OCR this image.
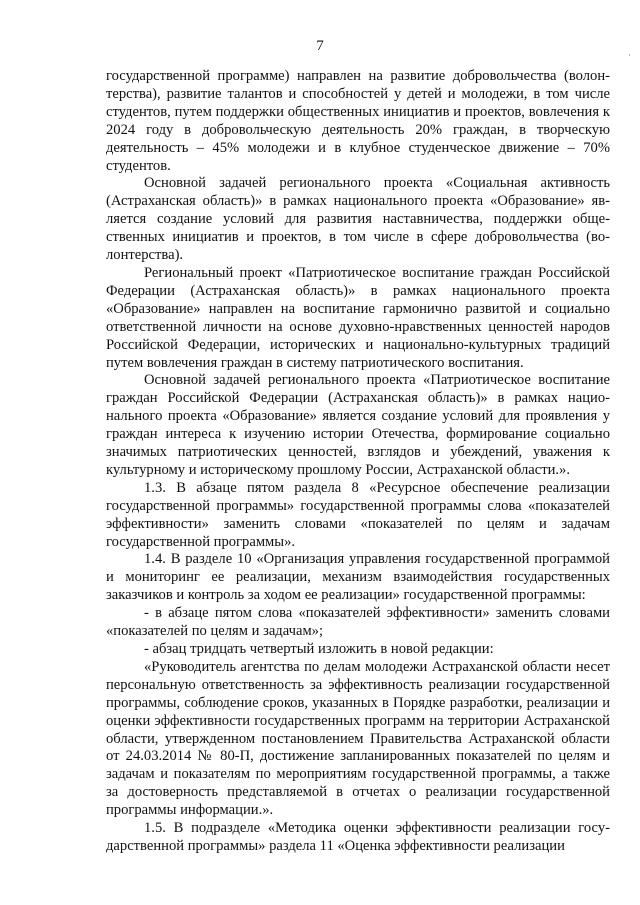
7
·

государственной программе) направлен на развитие добровольчества (волонтерства), развитие талантов и способностей у детей и молодежи, в том числе студентов, путем поддержки общественных инициатив и проектов, вовлечения к 2024 году в добровольческую деятельность 20% граждан, в творческую деятельность – 45% молодежи и в клубное студенческое движение – 70% студентов.

Основной задачей регионального проекта «Социальная активность (Астраханская область)» в рамках национального проекта «Образование» является создание условий для развития наставничества, поддержки общественных инициатив и проектов, в том числе в сфере добровольчества (волонтерства).

Региональный проект «Патриотическое воспитание граждан Российской Федерации (Астраханская область)» в рамках национального проекта «Образование» направлен на воспитание гармонично развитой и социально ответственной личности на основе духовно-нравственных ценностей народов Российской Федерации, исторических и национально-культурных традиций путем вовлечения граждан в систему патриотического воспитания.

Основной задачей регионального проекта «Патриотическое воспитание граждан Российской Федерации (Астраханская область)» в рамках национального проекта «Образование» является создание условий для проявления у граждан интереса к изучению истории Отечества, формирование социально значимых патриотических ценностей, взглядов и убеждений, уважения к культурному и историческому прошлому России, Астраханской области.».

1.3. В абзаце пятом раздела 8 «Ресурсное обеспечение реализации государственной программы» государственной программы слова «показателей эффективности» заменить словами «показателей по целям и задачам государственной программы».

1.4. В разделе 10 «Организация управления государственной программой и мониторинг ее реализации, механизм взаимодействия государственных заказчиков и контроль за ходом ее реализации» государственной программы:

- в абзаце пятом слова «показателей эффективности» заменить словами «показателей по целям и задачам»;

- абзац тридцать четвертый изложить в новой редакции:

«Руководитель агентства по делам молодежи Астраханской области несет персональную ответственность за эффективность реализации государственной программы, соблюдение сроков, указанных в Порядке разработки, реализации и оценки эффективности государственных программ на территории Астраханской области, утвержденном постановлением Правительства Астраханской области от 24.03.2014 № 80-П, достижение запланированных показателей по целям и задачам и показателям по мероприятиям государственной программы, а также за достоверность представляемой в отчетах о реализации государственной программы информации.».

1.5. В подразделе «Методика оценки эффективности реализации государственной программы» раздела 11 «Оценка эффективности реализации
